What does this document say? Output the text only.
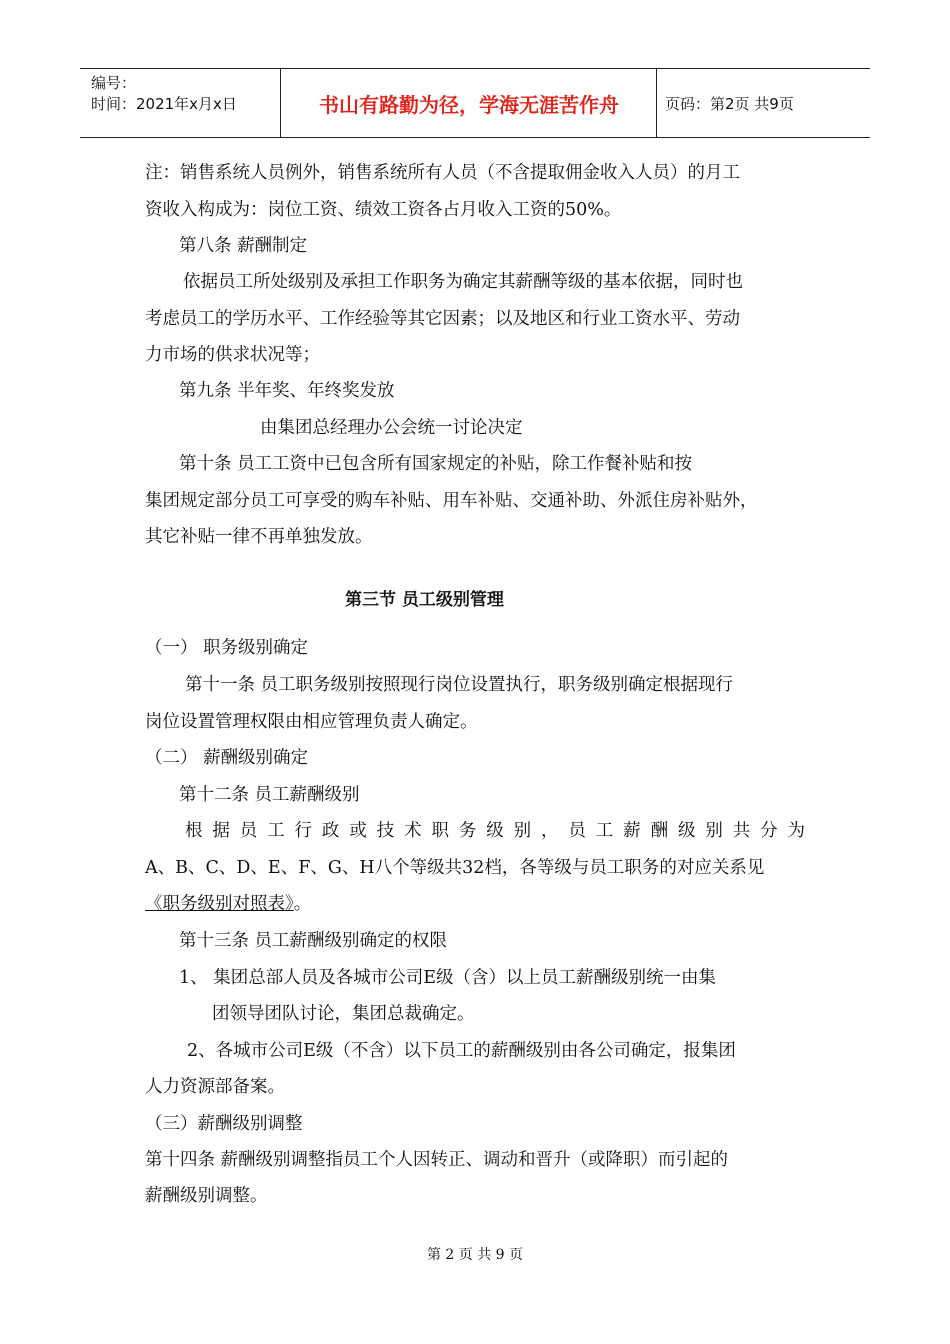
编号：
时间：2021年x月x日	书山有路勤为径，学海无涯苦作舟	页码：第2页 共9页
注：销售系统人员例外，销售系统所有人员（不含提取佣金收入人员）的月工
资收入构成为：岗位工资、绩效工资各占月收入工资的50%。
第八条 薪酬制定
依据员工所处级别及承担工作职务为确定其薪酬等级的基本依据，同时也
考虑员工的学历水平、工作经验等其它因素；以及地区和行业工资水平、劳动
力市场的供求状况等；
第九条 半年奖、年终奖发放
由集团总经理办公会统一讨论决定
第十条 员工工资中已包含所有国家规定的补贴，除工作餐补贴和按
集团规定部分员工可享受的购车补贴、用车补贴、交通补助、外派住房补贴外，
其它补贴一律不再单独发放。
第三节 员工级别管理
（一） 职务级别确定
第十一条 员工职务级别按照现行岗位设置执行，职务级别确定根据现行
岗位设置管理权限由相应管理负责人确定。
（二） 薪酬级别确定
第十二条 员工薪酬级别
根据员工行政或技术职务级别，员工薪酬级别共分为
A、B、C、D、E、F、G、H八个等级共32档，各等级与员工职务的对应关系见
《职务级别对照表》。
第十三条 员工薪酬级别确定的权限
1、 集团总部人员及各城市公司E级（含）以上员工薪酬级别统一由集
团领导团队讨论，集团总裁确定。
2、各城市公司E级（不含）以下员工的薪酬级别由各公司确定，报集团
人力资源部备案。
（三）薪酬级别调整
第十四条 薪酬级别调整指员工个人因转正、调动和晋升（或降职）而引起的
薪酬级别调整。
第 2 页 共 9 页
